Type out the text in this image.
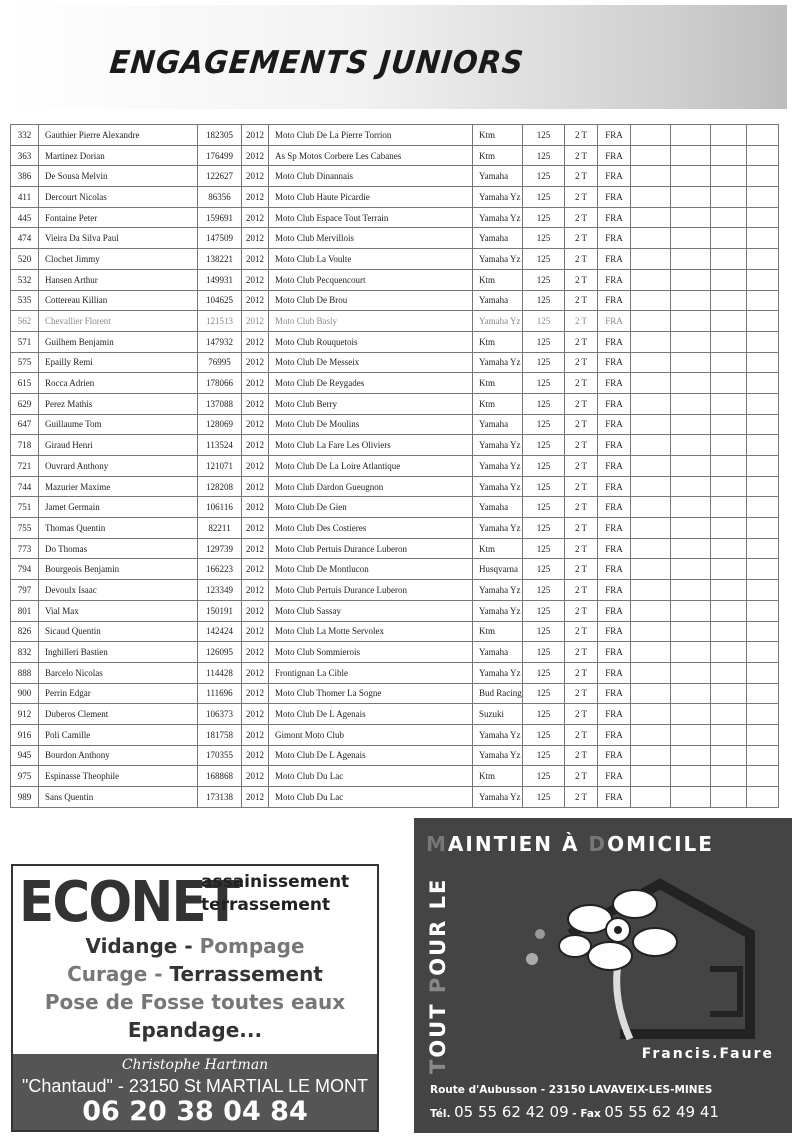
ENGAGEMENTS JUNIORS
332	Gauthier Pierre Alexandre	182305	2012	Moto Club De La Pierre Torrion	Ktm	125	2 T	FRA				
363	Martinez Dorian	176499	2012	As Sp Motos Corbere Les Cabanes	Ktm	125	2 T	FRA				
386	De Sousa Melvin	122627	2012	Moto Club Dinannais	Yamaha	125	2 T	FRA				
411	Dercourt Nicolas	86356	2012	Moto Club Haute Picardie	Yamaha Yz	125	2 T	FRA				
445	Fontaine Peter	159691	2012	Moto Club Espace Tout Terrain	Yamaha Yz	125	2 T	FRA				
474	Vieira Da Silva Paul	147509	2012	Moto Club Mervillois	Yamaha	125	2 T	FRA				
520	Clochet Jimmy	138221	2012	Moto Club La Voulte	Yamaha Yz	125	2 T	FRA				
532	Hansen Arthur	149931	2012	Moto Club Pecquencourt	Ktm	125	2 T	FRA				
535	Cottereau Killian	104625	2012	Moto Club De Brou	Yamaha	125	2 T	FRA				
562	Chevallier Florent	121513	2012	Moto Club Basly	Yamaha Yz	125	2 T	FRA				
571	Guilhem Benjamin	147932	2012	Moto Club Rouquetois	Ktm	125	2 T	FRA				
575	Epailly Remi	76995	2012	Moto Club De Messeix	Yamaha Yz	125	2 T	FRA				
615	Rocca Adrien	178066	2012	Moto Club De Reygades	Ktm	125	2 T	FRA				
629	Perez Mathis	137088	2012	Moto Club Berry	Ktm	125	2 T	FRA				
647	Guillaume Tom	128069	2012	Moto Club De Moulins	Yamaha	125	2 T	FRA				
718	Giraud Henri	113524	2012	Moto Club La Fare Les Oliviers	Yamaha Yz	125	2 T	FRA				
721	Ouvrard Anthony	121071	2012	Moto Club De La Loire Atlantique	Yamaha Yz	125	2 T	FRA				
744	Mazurier Maxime	128208	2012	Moto Club Dardon Gueugnon	Yamaha Yz	125	2 T	FRA				
751	Jamet Germain	106116	2012	Moto Club De Gien	Yamaha	125	2 T	FRA				
755	Thomas Quentin	82211	2012	Moto Club Des Costieres	Yamaha Yz	125	2 T	FRA				
773	Do Thomas	129739	2012	Moto Club Pertuis Durance Luberon	Ktm	125	2 T	FRA				
794	Bourgeois Benjamin	166223	2012	Moto Club De Montlucon	Husqvarna	125	2 T	FRA				
797	Devoulx Isaac	123349	2012	Moto Club Pertuis Durance Luberon	Yamaha Yz	125	2 T	FRA				
801	Vial Max	150191	2012	Moto Club Sassay	Yamaha Yz	125	2 T	FRA				
826	Sicaud Quentin	142424	2012	Moto Club La Motte Servolex	Ktm	125	2 T	FRA				
832	Inghilleri Bastien	126095	2012	Moto Club Sommierois	Yamaha	125	2 T	FRA				
888	Barcelo Nicolas	114428	2012	Frontignan La Cible	Yamaha Yz	125	2 T	FRA				
900	Perrin Edgar	111696	2012	Moto Club Thomer La Sogne	Bud Racing	125	2 T	FRA				
912	Duberos Clement	106373	2012	Moto Club De L Agenais	Suzuki	125	2 T	FRA				
916	Poli Camille	181758	2012	Gimont Moto Club	Yamaha Yz	125	2 T	FRA				
945	Bourdon Anthony	170355	2012	Moto Club De L Agenais	Yamaha Yz	125	2 T	FRA				
975	Espinasse Theophile	168868	2012	Moto Club Du Lac	Ktm	125	2 T	FRA				
989	Sans Quentin	173138	2012	Moto Club Du Lac	Yamaha Yz	125	2 T	FRA				
ECONET
assainissement
terrassement
Vidange - Pompage
Curage - Terrassement
Pose de Fosse toutes eaux
Epandage...
Christophe Hartman
"Chantaud" - 23150 St MARTIAL LE MONT
06 20 38 04 84
MAINTIEN À DOMICILE
TOUT POUR LE
Francis.Faure
Route d'Aubusson - 23150 LAVAVEIX-LES-MINES
Tél. 05 55 62 42 09 - Fax 05 55 62 49 41
